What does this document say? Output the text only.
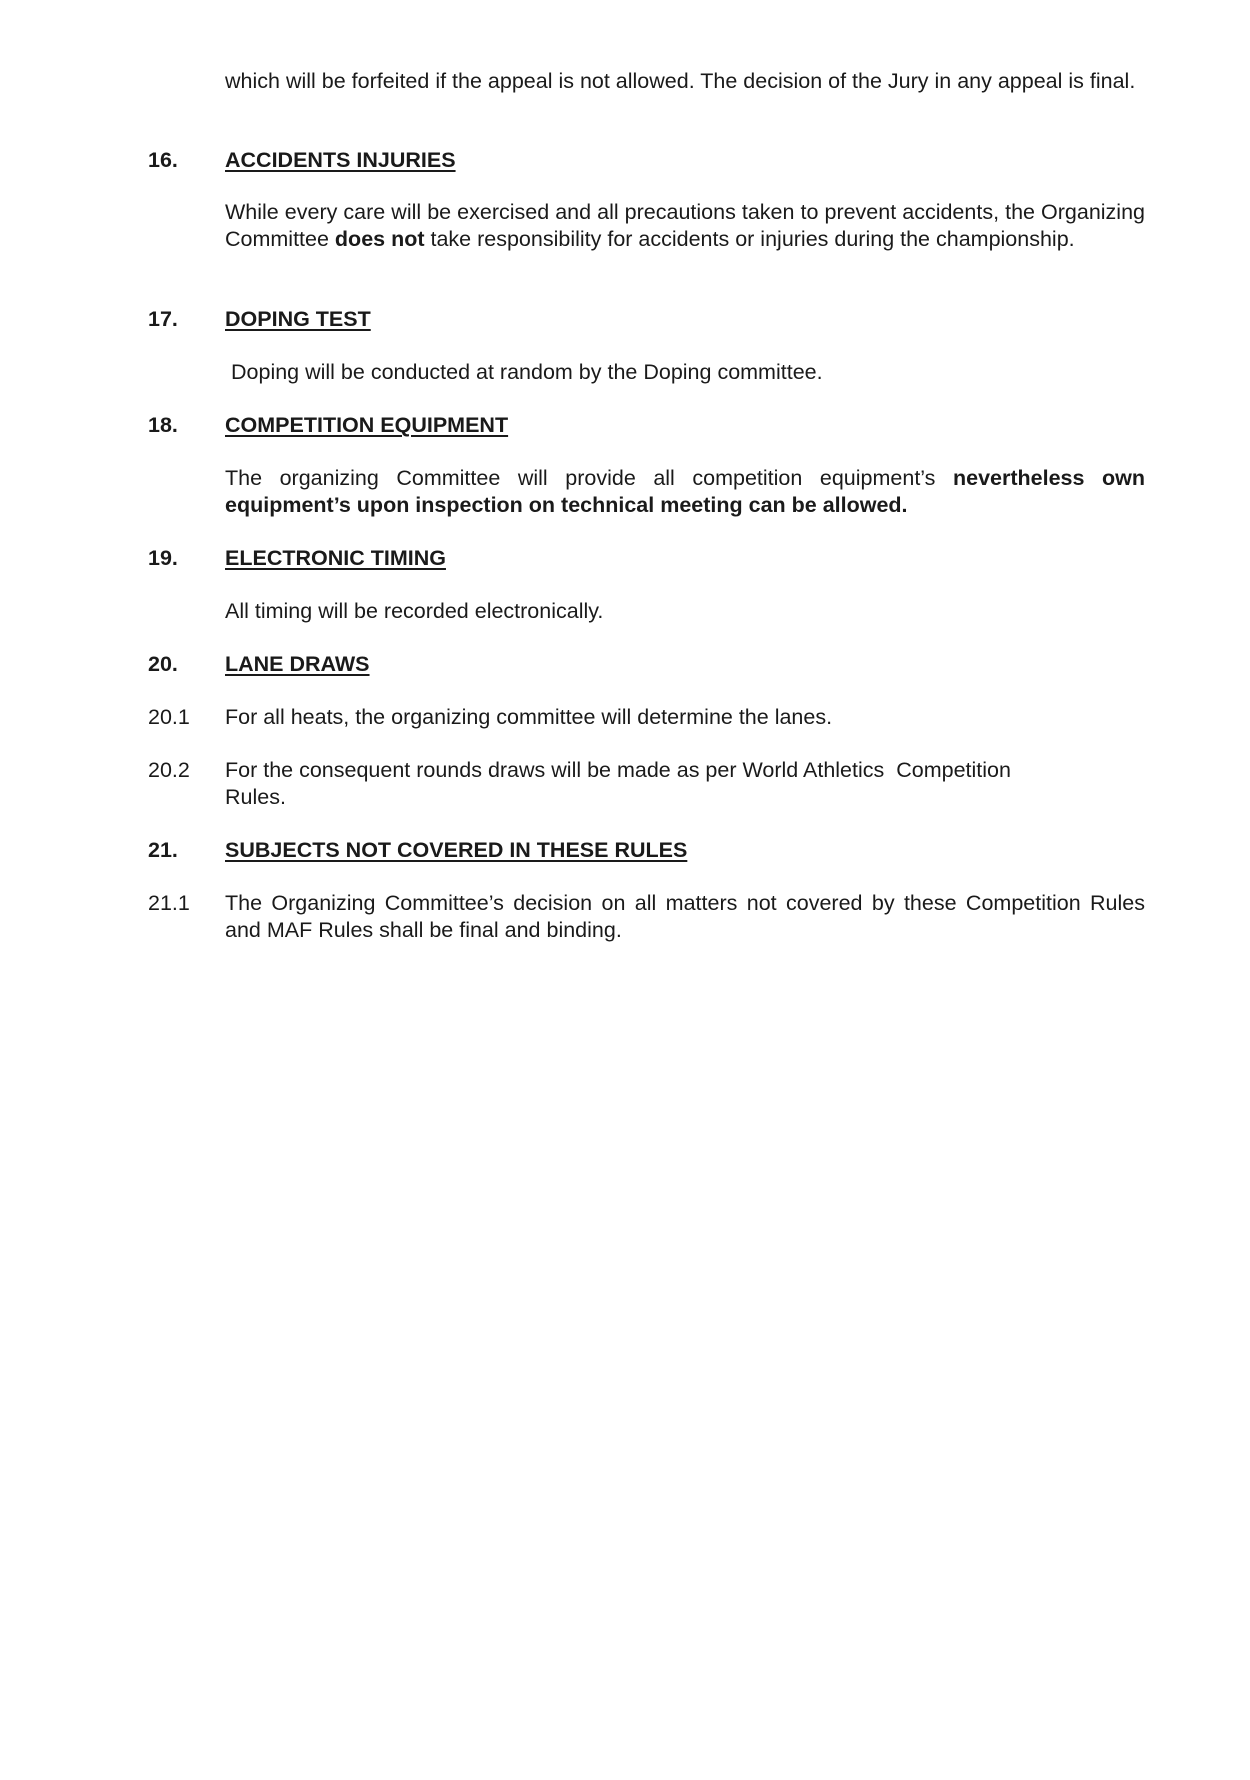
which will be forfeited if the appeal is not allowed. The decision of the Jury in any appeal is final.
16. ACCIDENTS INJURIES
While every care will be exercised and all precautions taken to prevent accidents, the Organizing Committee does not take responsibility for accidents or injuries during the championship.
17. DOPING TEST
Doping will be conducted at random by the Doping committee.
18. COMPETITION EQUIPMENT
The organizing Committee will provide all competition equipment’s nevertheless own equipment’s upon inspection on technical meeting can be allowed.
19. ELECTRONIC TIMING
All timing will be recorded electronically.
20. LANE DRAWS
20.1 For all heats, the organizing committee will determine the lanes.
20.2 For the consequent rounds draws will be made as per World Athletics  Competition
Rules.
21. SUBJECTS NOT COVERED IN THESE RULES
21.1 The Organizing Committee’s decision on all matters not covered by these Competition Rules and MAF Rules shall be final and binding.
